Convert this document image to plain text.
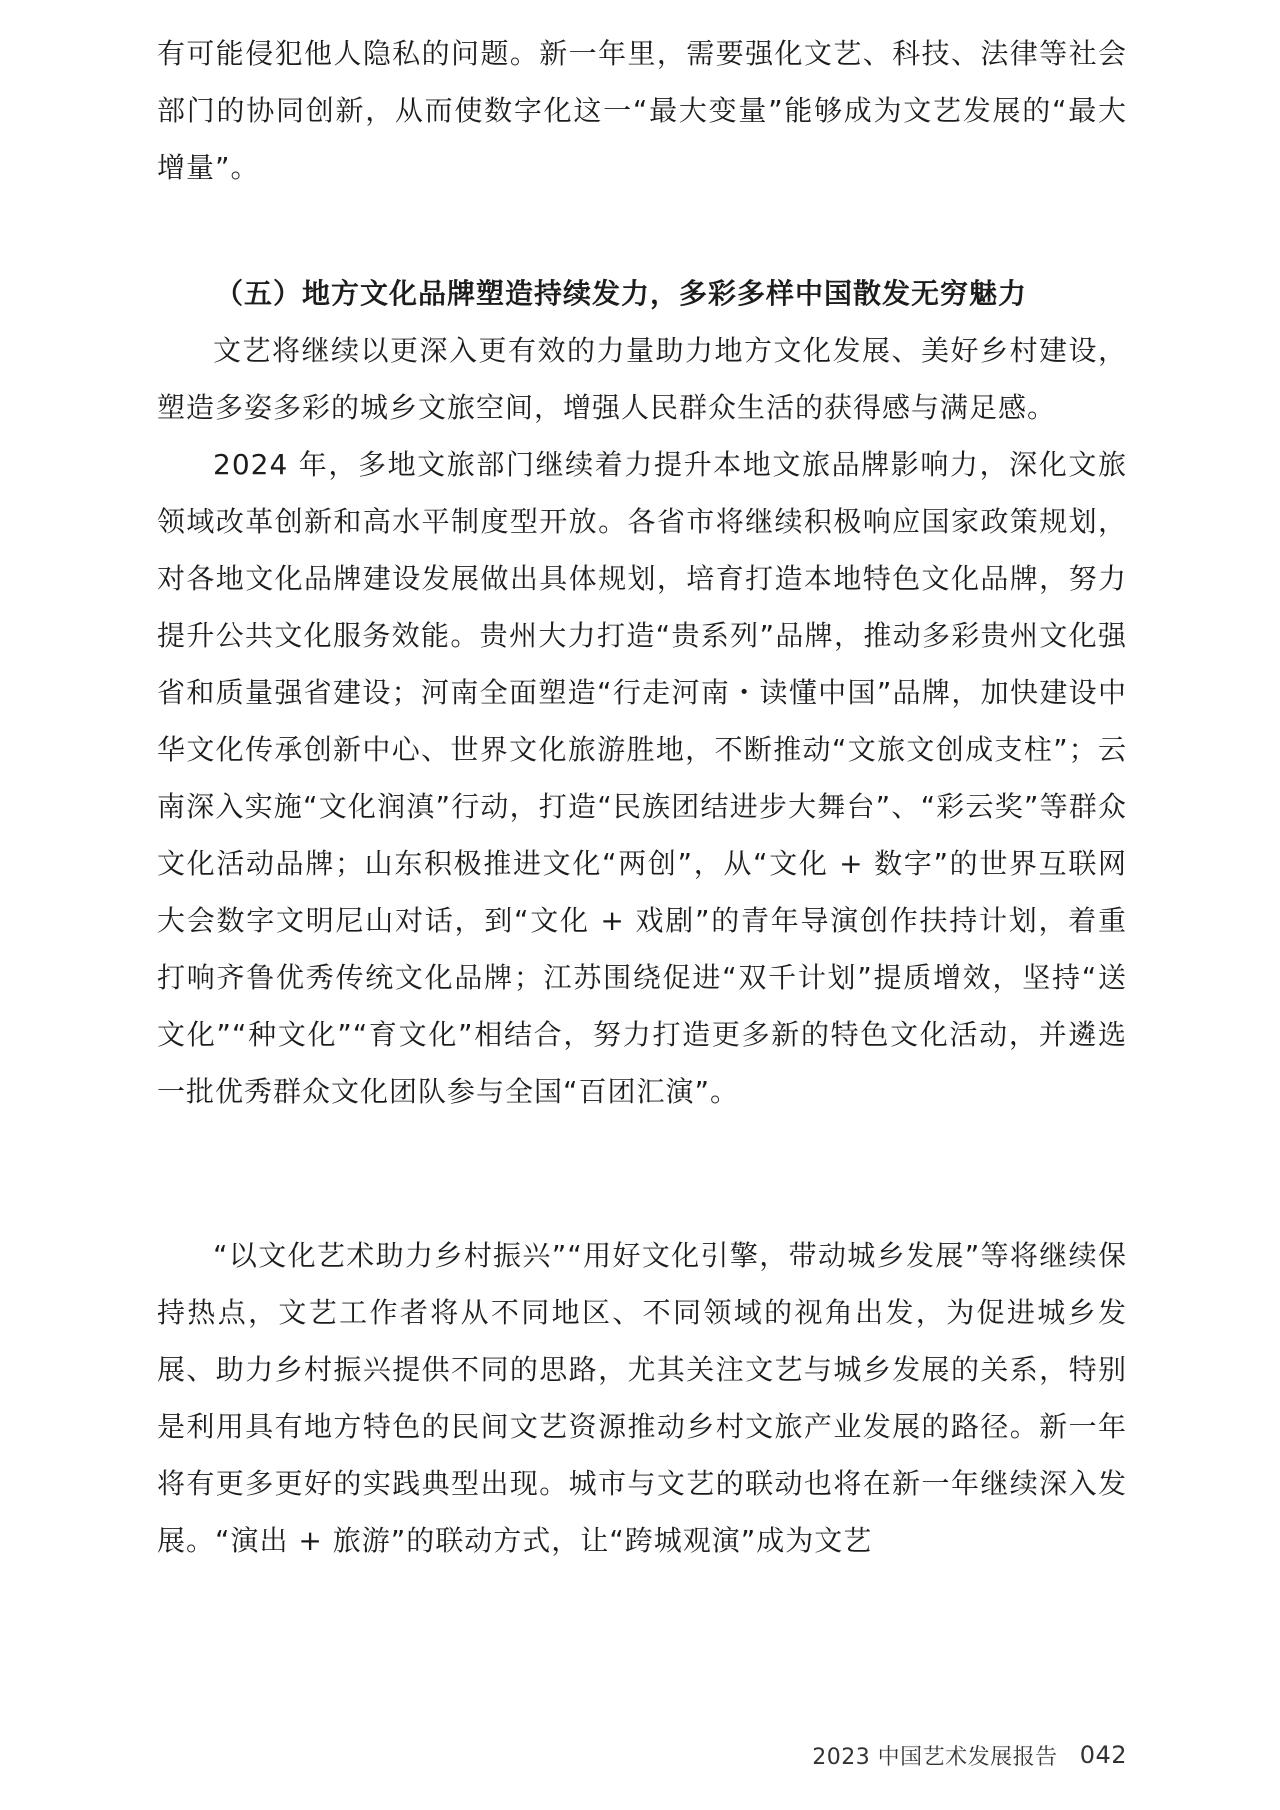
有可能侵犯他人隐私的问题。新一年里，需要强化文艺、科技、法律等社会部门的协同创新，从而使数字化这一“最大变量”能够成为文艺发展的“最大增量”。

（五）地方文化品牌塑造持续发力，多彩多样中国散发无穷魅力

文艺将继续以更深入更有效的力量助力地方文化发展、美好乡村建设，塑造多姿多彩的城乡文旅空间，增强人民群众生活的获得感与满足感。

2024 年，多地文旅部门继续着力提升本地文旅品牌影响力，深化文旅领域改革创新和高水平制度型开放。各省市将继续积极响应国家政策规划，对各地文化品牌建设发展做出具体规划，培育打造本地特色文化品牌，努力提升公共文化服务效能。贵州大力打造“贵系列”品牌，推动多彩贵州文化强省和质量强省建设；河南全面塑造“行走河南・读懂中国”品牌，加快建设中华文化传承创新中心、世界文化旅游胜地，不断推动“文旅文创成支柱”；云南深入实施“文化润滇”行动，打造“民族团结进步大舞台”、“彩云奖”等群众文化活动品牌；山东积极推进文化“两创”，从“文化 + 数字”的世界互联网大会数字文明尼山对话，到“文化 + 戏剧”的青年导演创作扶持计划，着重打响齐鲁优秀传统文化品牌；江苏围绕促进“双千计划”提质增效，坚持“送文化”“种文化”“育文化”相结合，努力打造更多新的特色文化活动，并遴选一批优秀群众文化团队参与全国“百团汇演”。

“以文化艺术助力乡村振兴”“用好文化引擎，带动城乡发展”等将继续保持热点，文艺工作者将从不同地区、不同领域的视角出发，为促进城乡发展、助力乡村振兴提供不同的思路，尤其关注文艺与城乡发展的关系，特别是利用具有地方特色的民间文艺资源推动乡村文旅产业发展的路径。新一年将有更多更好的实践典型出现。城市与文艺的联动也将在新一年继续深入发展。“演出 + 旅游”的联动方式，让“跨城观演”成为文艺

2023 中国艺术发展报告 042
